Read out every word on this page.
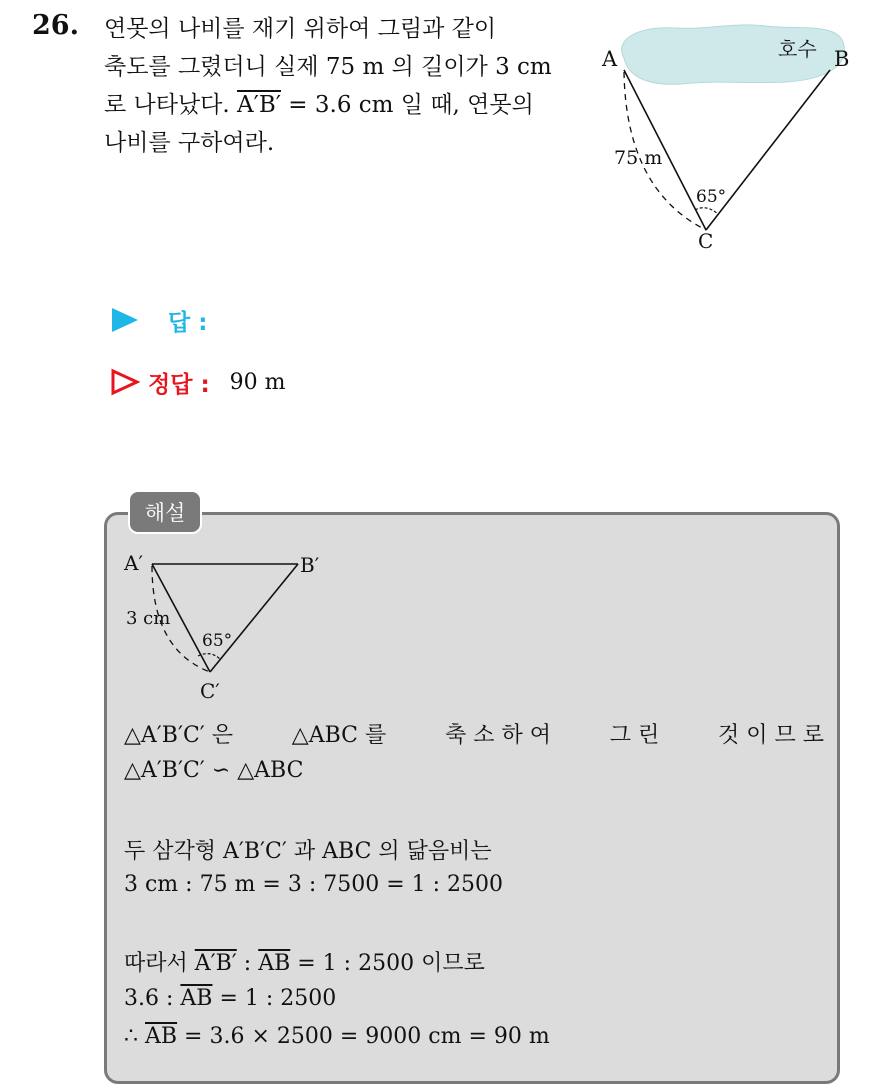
26. 연못의 나비를 재기 위하여 그림과 같이
축도를 그렸더니 실제 75 m 의 길이가 3 cm
로 나타났다. A′B′ = 3.6 cm 일 때, 연못의
나비를 구하여라.
A	B
C
호수
75 m
65°
답 :
정답 : 90 m
해설
A′	B′
C′
3 cm
65°
△A′B′C′ 은	△ABC 를	축 소 하 여	그 린	것 이 므 로
△A′B′C′ ∽ △ABC
두 삼각형 A′B′C′ 과 ABC 의 닮음비는
3 cm : 75 m = 3 : 7500 = 1 : 2500
따라서 A′B′ : $\overline{AB} = 1$ : 2500 이므로
3.6 : $\overline{AB} = 1$ : 2500
∴ $\overline{AB} = 3.6 \times 2500 = 9000$ cm = 90 m
